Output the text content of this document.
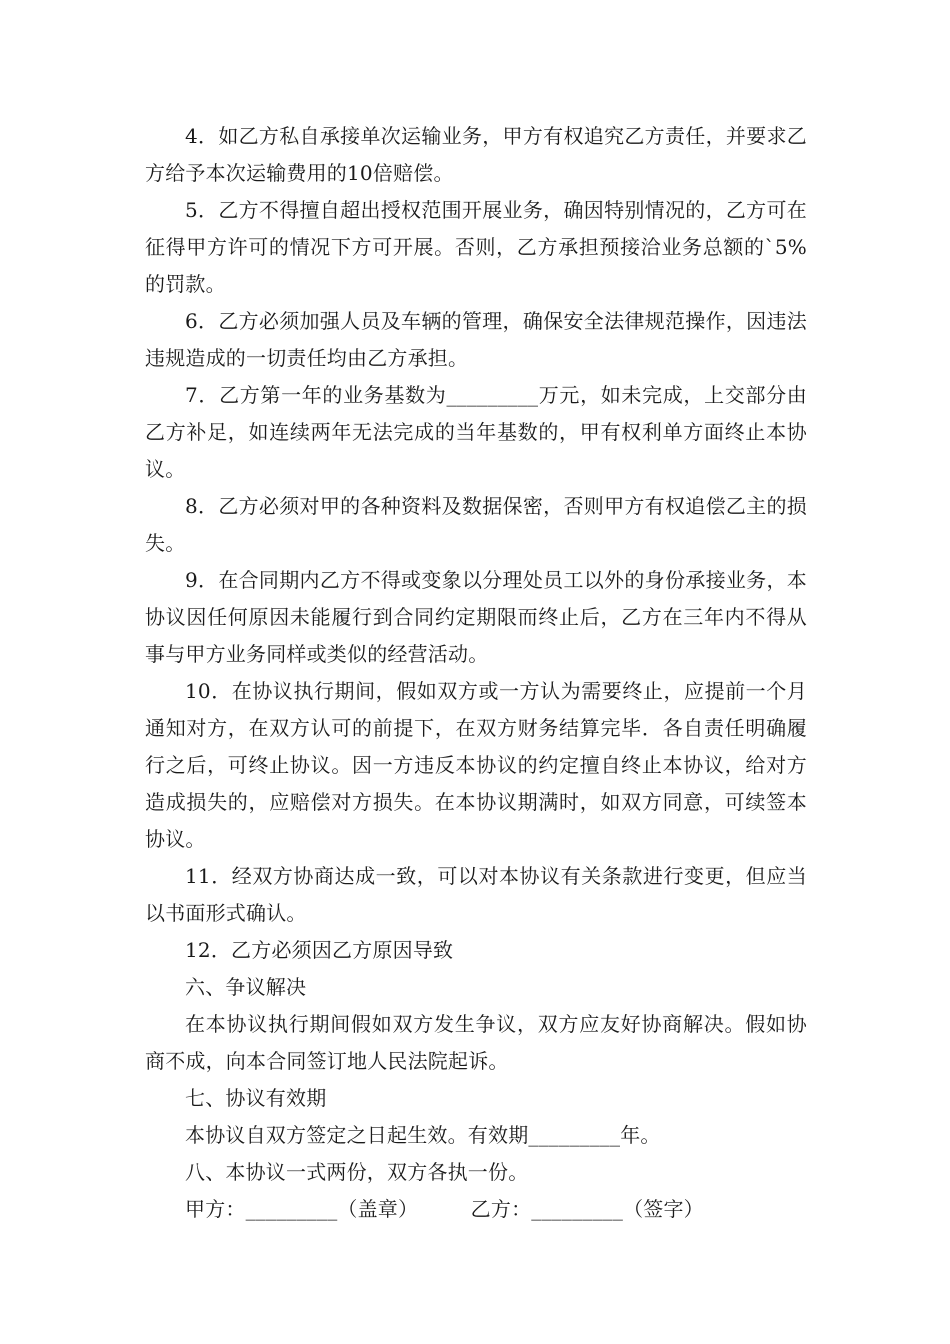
4．如乙方私自承接单次运输业务，甲方有权追究乙方责任，并要求乙方给予本次运输费用的10倍赔偿。

5．乙方不得擅自超出授权范围开展业务，确因特别情况的，乙方可在征得甲方许可的情况下方可开展。否则，乙方承担预接洽业务总额的`5%的罚款。

6．乙方必须加强人员及车辆的管理，确保安全法律规范操作，因违法违规造成的一切责任均由乙方承担。

7．乙方第一年的业务基数为_________万元，如未完成，上交部分由乙方补足，如连续两年无法完成的当年基数的，甲有权利单方面终止本协议。

8．乙方必须对甲的各种资料及数据保密，否则甲方有权追偿乙主的损失。

9．在合同期内乙方不得或变象以分理处员工以外的身份承接业务，本协议因任何原因未能履行到合同约定期限而终止后，乙方在三年内不得从事与甲方业务同样或类似的经营活动。

10．在协议执行期间，假如双方或一方认为需要终止，应提前一个月通知对方，在双方认可的前提下，在双方财务结算完毕．各自责任明确履行之后，可终止协议。因一方违反本协议的约定擅自终止本协议，给对方造成损失的，应赔偿对方损失。在本协议期满时，如双方同意，可续签本协议。

11．经双方协商达成一致，可以对本协议有关条款进行变更，但应当以书面形式确认。

12．乙方必须因乙方原因导致

六、争议解决

在本协议执行期间假如双方发生争议，双方应友好协商解决。假如协商不成，向本合同签订地人民法院起诉。

七、协议有效期

本协议自双方签定之日起生效。有效期_________年。

八、本协议一式两份，双方各执一份。

甲方：_________（盖章）	乙方：_________（签字）
